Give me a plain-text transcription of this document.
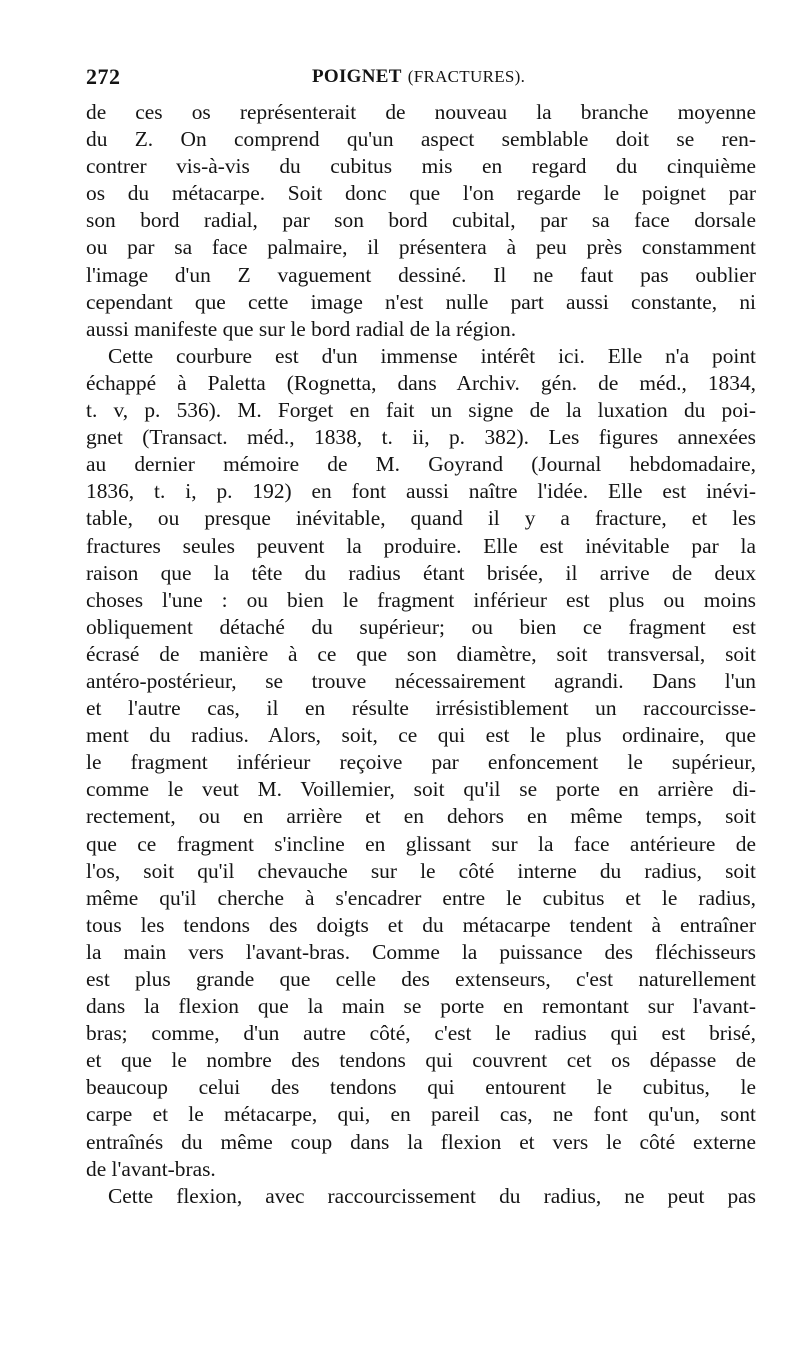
272	POIGNET (FRACTURES).
de ces os représenterait de nouveau la branche moyenne
du Z. On comprend qu'un aspect semblable doit se ren-
contrer vis-à-vis du cubitus mis en regard du cinquième
os du métacarpe. Soit donc que l'on regarde le poignet par
son bord radial, par son bord cubital, par sa face dorsale
ou par sa face palmaire, il présentera à peu près constamment
l'image d'un Z vaguement dessiné. Il ne faut pas oublier
cependant que cette image n'est nulle part aussi constante, ni
aussi manifeste que sur le bord radial de la région.
Cette courbure est d'un immense intérêt ici. Elle n'a point
échappé à Paletta (Rognetta, dans Archiv. gén. de méd., 1834,
t. v, p. 536). M. Forget en fait un signe de la luxation du poi-
gnet (Transact. méd., 1838, t. ii, p. 382). Les figures annexées
au dernier mémoire de M. Goyrand (Journal hebdomadaire,
1836, t. i, p. 192) en font aussi naître l'idée. Elle est inévi-
table, ou presque inévitable, quand il y a fracture, et les
fractures seules peuvent la produire. Elle est inévitable par la
raison que la tête du radius étant brisée, il arrive de deux
choses l'une : ou bien le fragment inférieur est plus ou moins
obliquement détaché du supérieur; ou bien ce fragment est
écrasé de manière à ce que son diamètre, soit transversal, soit
antéro-postérieur, se trouve nécessairement agrandi. Dans l'un
et l'autre cas, il en résulte irrésistiblement un raccourcisse-
ment du radius. Alors, soit, ce qui est le plus ordinaire, que
le fragment inférieur reçoive par enfoncement le supérieur,
comme le veut M. Voillemier, soit qu'il se porte en arrière di-
rectement, ou en arrière et en dehors en même temps, soit
que ce fragment s'incline en glissant sur la face antérieure de
l'os, soit qu'il chevauche sur le côté interne du radius, soit
même qu'il cherche à s'encadrer entre le cubitus et le radius,
tous les tendons des doigts et du métacarpe tendent à entraîner
la main vers l'avant-bras. Comme la puissance des fléchisseurs
est plus grande que celle des extenseurs, c'est naturellement
dans la flexion que la main se porte en remontant sur l'avant-
bras; comme, d'un autre côté, c'est le radius qui est brisé,
et que le nombre des tendons qui couvrent cet os dépasse de
beaucoup celui des tendons qui entourent le cubitus, le
carpe et le métacarpe, qui, en pareil cas, ne font qu'un, sont
entraînés du même coup dans la flexion et vers le côté externe
de l'avant-bras.
Cette flexion, avec raccourcissement du radius, ne peut pas
